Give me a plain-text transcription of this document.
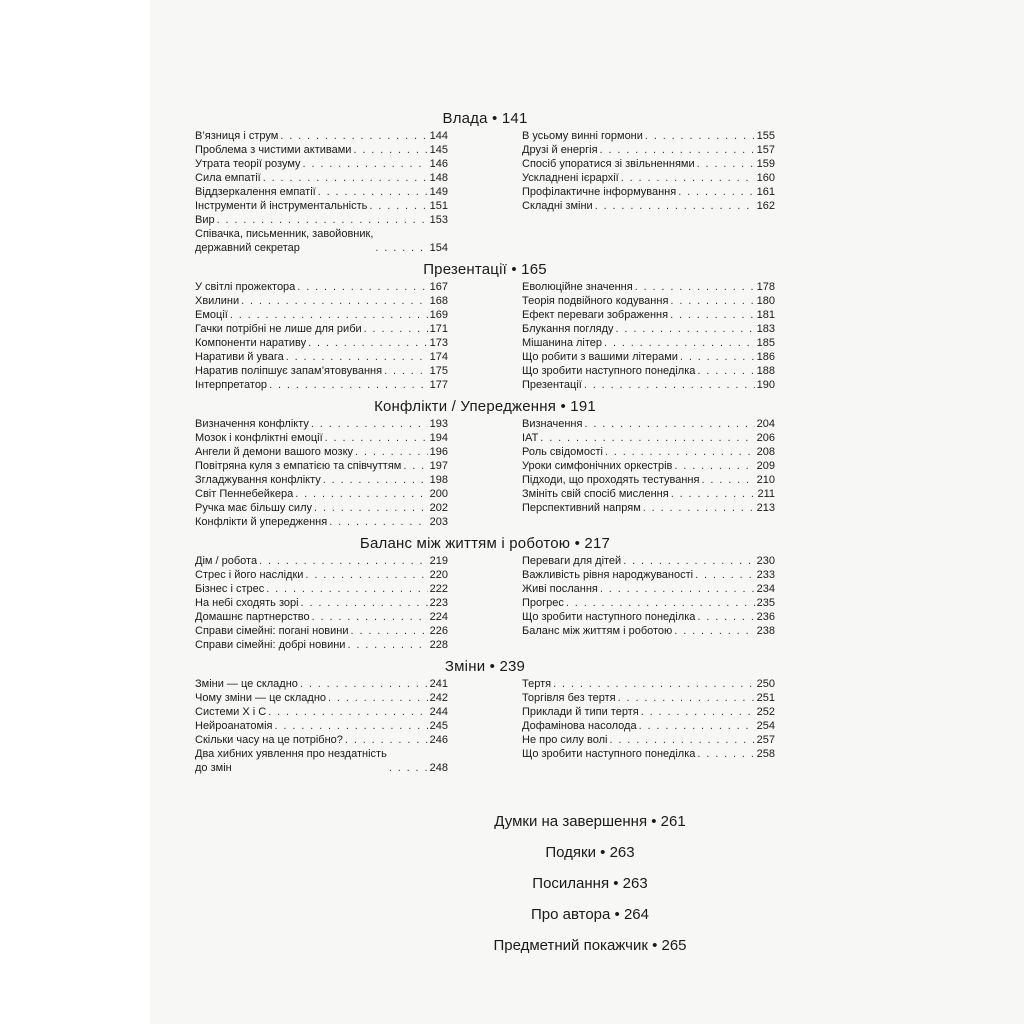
Влада • 141
В’язниця і струм . . .	144
Проблема з чистими активами . . .	145
Утрата теорії розуму . . .	146
Сила емпатії . . .	148
Віддзеркалення емпатії . . .	149
Інструменти й інструментальність . . .	151
Вир . . .	153
Співачка, письменник, завойовник,
державний секретар . . .	154
В усьому винні гормони . . .	155
Друзі й енергія . . .	157
Спосіб упоратися зі звільненнями . . .	159
Ускладнені ієрархії . . .	160
Профілактичне інформування . . .	161
Складні зміни . . .	162
Презентації • 165
У світлі прожектора . . .	167
Хвилини . . .	168
Емоції . . .	169
Гачки потрібні не лише для риби . . .	171
Компоненти наративу . . .	173
Наративи й увага . . .	174
Наратив поліпшує запам’ятовування . . .	175
Інтерпретатор . . .	177
Еволюційне значення . . .	178
Теорія подвійного кодування . . .	180
Ефект переваги зображення . . .	181
Блукання погляду . . .	183
Мішанина літер . . .	185
Що робити з вашими літерами . . .	186
Що зробити наступного понеділка . . .	188
Презентації . . .	190
Конфлікти / Упередження • 191
Визначення конфлікту . . .	193
Мозок і конфліктні емоції . . .	194
Ангели й демони вашого мозку . . .	196
Повітряна куля з емпатією та співчуттям . . .	197
Згладжування конфлікту . . .	198
Світ Пеннебейкера . . .	200
Ручка має більшу силу . . .	202
Конфлікти й упередження . . .	203
Визначення . . .	204
IAT . . .	206
Роль свідомості . . .	208
Уроки симфонічних оркестрів . . .	209
Підходи, що проходять тестування . . .	210
Змініть свій спосіб мислення . . .	211
Перспективний напрям . . .	213
Баланс між життям і роботою • 217
Дім / робота . . .	219
Стрес і його наслідки . . .	220
Бізнес і стрес . . .	222
На небі сходять зорі . . .	223
Домашнє партнерство . . .	224
Справи сімейні: погані новини . . .	226
Справи сімейні: добрі новини . . .	228
Переваги для дітей . . .	230
Важливість рівня народжуваності . . .	233
Живі послання . . .	234
Прогрес . . .	235
Що зробити наступного понеділка . . .	236
Баланс між життям і роботою . . .	238
Зміни • 239
Зміни — це складно . . .	241
Чому зміни — це складно . . .	242
Системи Х і С . . .	244
Нейроанатомія . . .	245
Скільки часу на це потрібно? . . .	246
Два хибних уявлення про нездатність
до змін . . .	248
Тертя . . .	250
Торгівля без тертя . . .	251
Приклади й типи тертя . . .	252
Дофамінова насолода . . .	254
Не про силу волі . . .	257
Що зробити наступного понеділка . . .	258
Думки на завершення • 261
Подяки • 263
Посилання • 263
Про автора • 264
Предметний покажчик • 265
